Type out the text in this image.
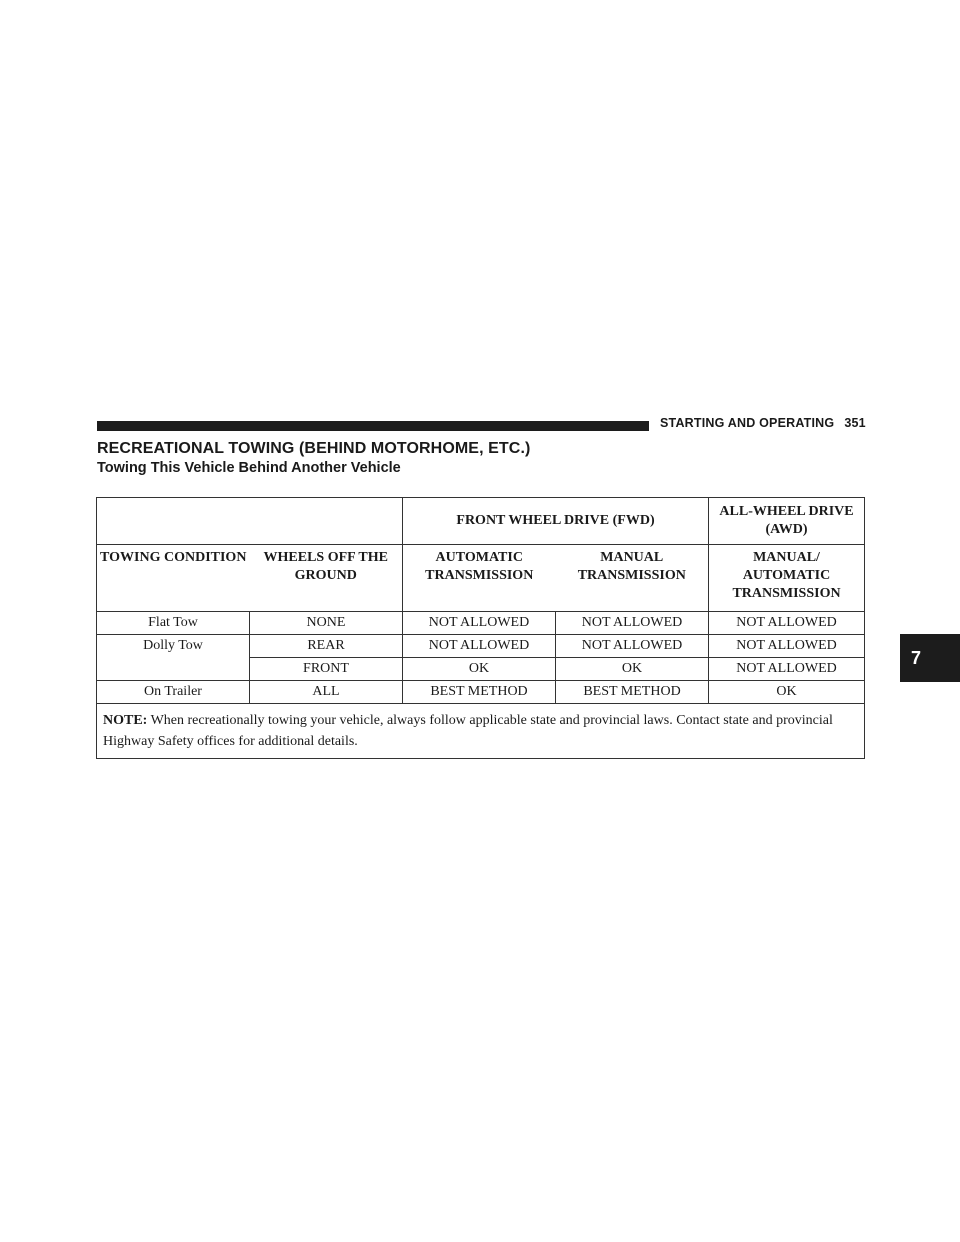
STARTING AND OPERATING 351
7
RECREATIONAL TOWING (BEHIND MOTORHOME, ETC.)
Towing This Vehicle Behind Another Vehicle
		FRONT WHEEL DRIVE (FWD)		ALL-WHEEL DRIVE (AWD)
TOWING CONDITION	WHEELS OFF THE GROUND	AUTOMATIC TRANSMISSION	MANUAL TRANSMISSION	MANUAL/ AUTOMATIC TRANSMISSION
Flat Tow	NONE	NOT ALLOWED	NOT ALLOWED	NOT ALLOWED
Dolly Tow	REAR	NOT ALLOWED	NOT ALLOWED	NOT ALLOWED
	FRONT	OK	OK	NOT ALLOWED
On Trailer	ALL	BEST METHOD	BEST METHOD	OK
NOTE: When recreationally towing your vehicle, always follow applicable state and provincial laws. Contact state and provincial Highway Safety offices for additional details.				
